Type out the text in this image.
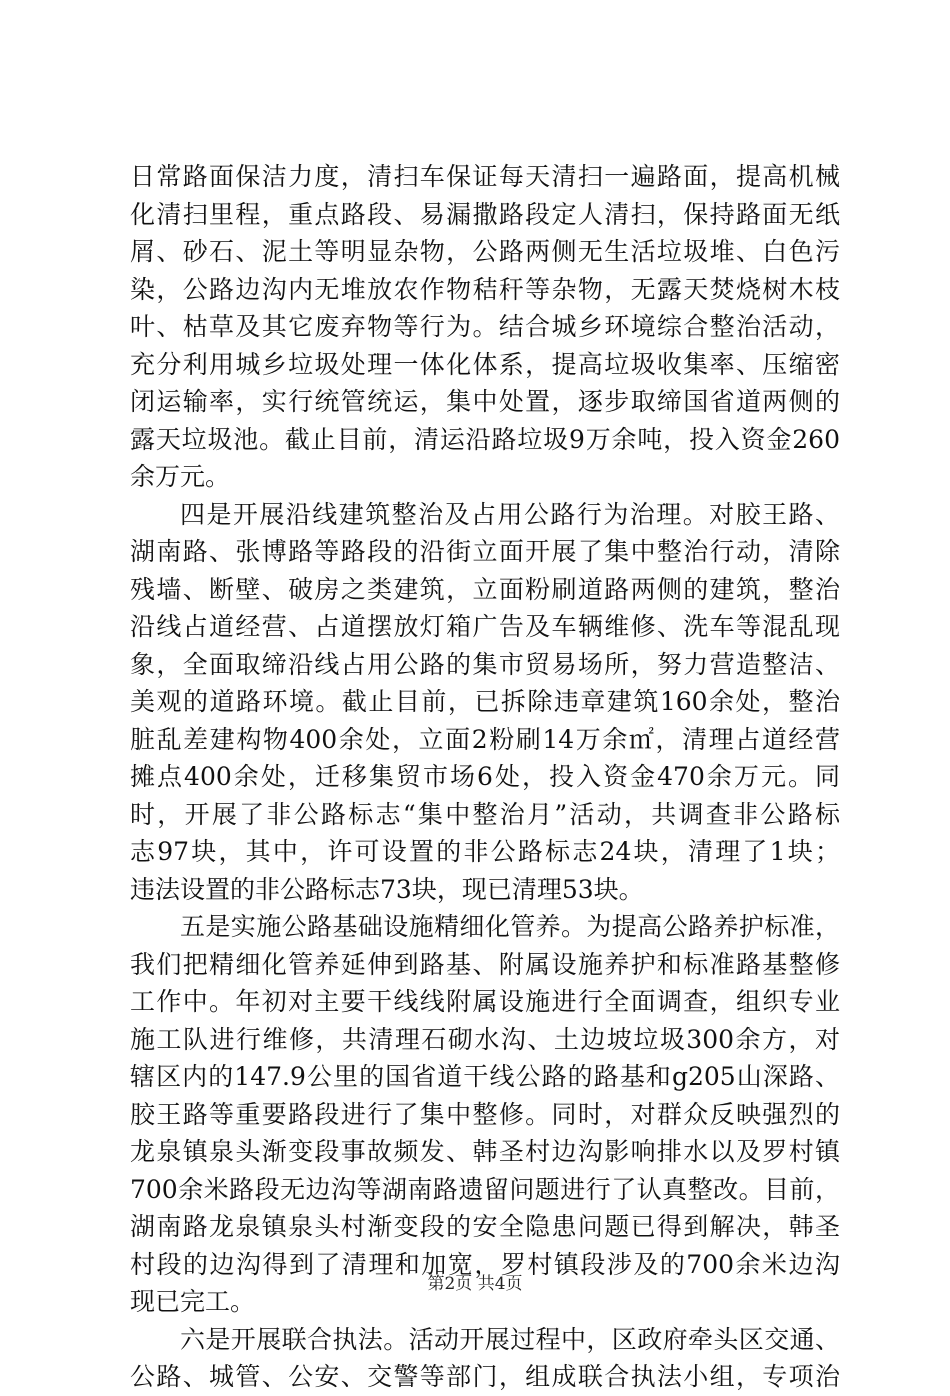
日常路面保洁力度，清扫车保证每天清扫一遍路面，提高机械
化清扫里程，重点路段、易漏撒路段定人清扫，保持路面无纸
屑、砂石、泥土等明显杂物，公路两侧无生活垃圾堆、白色污
染，公路边沟内无堆放农作物秸秆等杂物，无露天焚烧树木枝
叶、枯草及其它废弃物等行为。结合城乡环境综合整治活动，
充分利用城乡垃圾处理一体化体系，提高垃圾收集率、压缩密
闭运输率，实行统管统运，集中处置，逐步取缔国省道两侧的
露天垃圾池。截止目前，清运沿路垃圾9万余吨，投入资金260
余万元。
四是开展沿线建筑整治及占用公路行为治理。对胶王路、
湖南路、张博路等路段的沿街立面开展了集中整治行动，清除
残墙、断壁、破房之类建筑，立面粉刷道路两侧的建筑，整治
沿线占道经营、占道摆放灯箱广告及车辆维修、洗车等混乱现
象，全面取缔沿线占用公路的集市贸易场所，努力营造整洁、
美观的道路环境。截止目前，已拆除违章建筑160余处，整治
脏乱差建构物400余处，立面2粉刷14万余㎡，清理占道经营
摊点400余处，迁移集贸市场6处，投入资金470余万元。同
时，开展了非公路标志“集中整治月”活动，共调查非公路标
志97块，其中，许可设置的非公路标志24块，清理了1块；
违法设置的非公路标志73块，现已清理53块。
五是实施公路基础设施精细化管养。为提高公路养护标准，
我们把精细化管养延伸到路基、附属设施养护和标准路基整修
工作中。年初对主要干线线附属设施进行全面调查，组织专业
施工队进行维修，共清理石砌水沟、土边坡垃圾300余方，对
辖区内的147.9公里的国省道干线公路的路基和g205山深路、
胶王路等重要路段进行了集中整修。同时，对群众反映强烈的
龙泉镇泉头渐变段事故频发、韩圣村边沟影响排水以及罗村镇
700余米路段无边沟等湖南路遗留问题进行了认真整改。目前，
湖南路龙泉镇泉头村渐变段的安全隐患问题已得到解决，韩圣
村段的边沟得到了清理和加宽，罗村镇段涉及的700余米边沟
现已完工。
六是开展联合执法。活动开展过程中，区政府牵头区交通、
公路、城管、公安、交警等部门，组成联合执法小组，专项治
第2页 共4页
